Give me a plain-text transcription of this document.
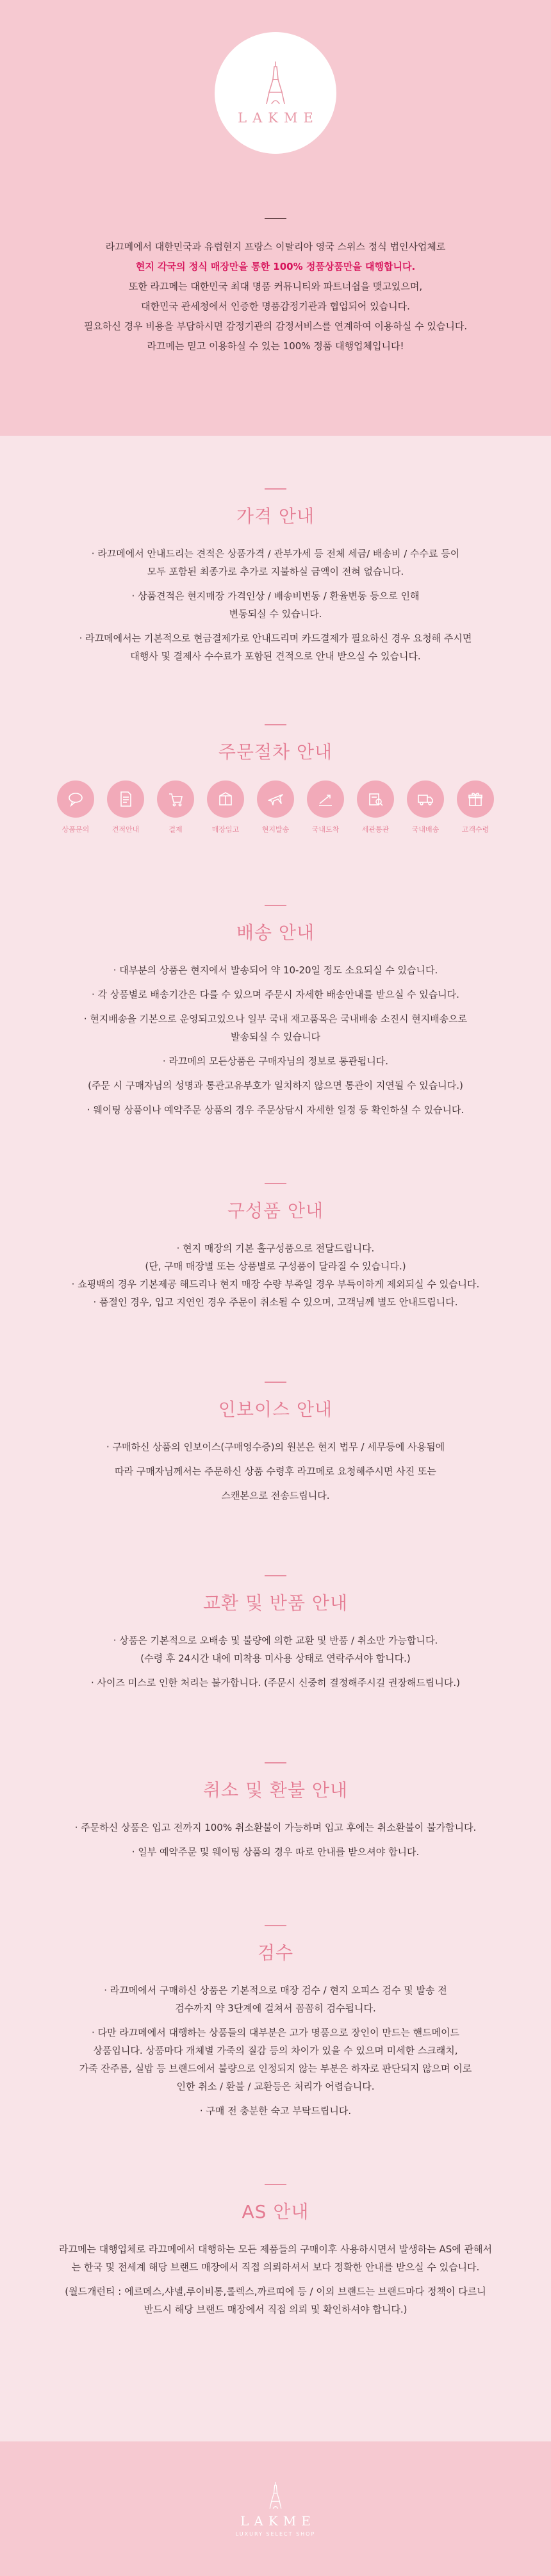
LAKME

라끄메에서 대한민국과 유럽현지 프랑스 이탈리아 영국 스위스 정식 법인사업체로

현지 각국의 정식 매장만을 통한 100% 정품상품만을 대행합니다.

또한 라끄메는 대한민국 최대 명품 커뮤니티와 파트너쉽을 맺고있으며,

대한민국 관세청에서 인증한 명품감정기관과 협업되어 있습니다.

필요하신 경우 비용을 부담하시면 감정기관의 감정서비스를 연계하여 이용하실 수 있습니다.

라끄메는 믿고 이용하실 수 있는 100% 정품 대행업체입니다!

가격 안내

· 라끄메에서 안내드리는 견적은 상품가격 / 관부가세 등 전체 세금/ 배송비 / 수수료 등이

모두 포함된 최종가로 추가로 지불하실 금액이 전혀 없습니다.

· 상품견적은 현지매장 가격인상 / 배송비변동 / 환율변동 등으로 인해

변동되실 수 있습니다.

· 라끄메에서는 기본적으로 현금결제가로 안내드리며 카드결제가 필요하신 경우 요청해 주시면

대행사 및 결제사 수수료가 포함된 견적으로 안내 받으실 수 있습니다.

주문절차 안내
상품문의	견적안내	결제	매장입고	현지발송	국내도착	세관통관	국내배송	고객수령
배송 안내

· 대부분의 상품은 현지에서 발송되어 약 10-20일 정도 소요되실 수 있습니다.

· 각 상품별로 배송기간은 다를 수 있으며 주문시 자세한 배송안내를 받으실 수 있습니다.

· 현지배송을 기본으로 운영되고있으나 일부 국내 재고품목은 국내배송 소진시 현지배송으로

발송되실 수 있습니다

· 라끄메의 모든상품은 구매자님의 정보로 통관됩니다.

(주문 시 구매자님의 성명과 통관고유부호가 일치하지 않으면 통관이 지연될 수 있습니다.)

· 웨이팅 상품이나 예약주문 상품의 경우 주문상담시 자세한 일정 등 확인하실 수 있습니다.

구성품 안내

· 현지 매장의 기본 홀구성품으로 전달드립니다.

(단, 구매 매장별 또는 상품별로 구성품이 달라질 수 있습니다.)

· 쇼핑백의 경우 기본제공 해드리나 현지 매장 수량 부족일 경우 부득이하게 제외되실 수 있습니다.

· 품절인 경우, 입고 지연인 경우 주문이 취소될 수 있으며, 고객님께 별도 안내드립니다.

인보이스 안내

· 구매하신 상품의 인보이스(구매영수증)의 원본은 현지 법무 / 세무등에 사용됨에

따라 구매자님께서는 주문하신 상품 수령후 라끄메로 요청해주시면 사진 또는

스캔본으로 전송드립니다.

교환 및 반품 안내

· 상품은 기본적으로 오배송 및 불량에 의한 교환 및 반품 / 취소만 가능합니다.

(수령 후 24시간 내에 미착용 미사용 상태로 연락주셔야 합니다.)

· 사이즈 미스로 인한 처리는 불가합니다. (주문시 신중히 결정해주시길 권장해드립니다.)

취소 및 환불 안내

· 주문하신 상품은 입고 전까지 100% 취소환불이 가능하며 입고 후에는 취소환불이 불가합니다.

· 일부 예약주문 및 웨이팅 상품의 경우 따로 안내를 받으셔야 합니다.

검수

· 라끄메에서 구매하신 상품은 기본적으로 매장 검수 / 현지 오피스 검수 및 발송 전

검수까지 약 3단계에 걸쳐서 꼼꼼히 검수됩니다.

· 다만 라끄메에서 대행하는 상품들의 대부분은 고가 명품으로 장인이 만드는 핸드메이드

상품입니다. 상품마다 개체별 가죽의 질감 등의 차이가 있을 수 있으며 미세한 스크래치,

가죽 잔주름, 실밥 등 브랜드에서 불량으로 인정되지 않는 부분은 하자로 판단되지 않으며 이로

인한 취소 / 환불 / 교환등은 처리가 어렵습니다.

· 구매 전 충분한 숙고 부탁드립니다.

AS 안내

라끄메는 대행업체로 라끄메에서 대행하는 모든 제품들의 구매이후 사용하시면서 발생하는 AS에 관해서

는 한국 및 전세계 해당 브랜드 매장에서 직접 의뢰하셔서 보다 정확한 안내를 받으실 수 있습니다.

(월드개런티 : 에르메스,샤넬,루이비통,롤렉스,까르띠에 등 / 이외 브랜드는 브랜드마다 정책이 다르니

반드시 해당 브랜드 매장에서 직접 의뢰 및 확인하셔야 합니다.)

LAKME
LUXURY SELECT SHOP
